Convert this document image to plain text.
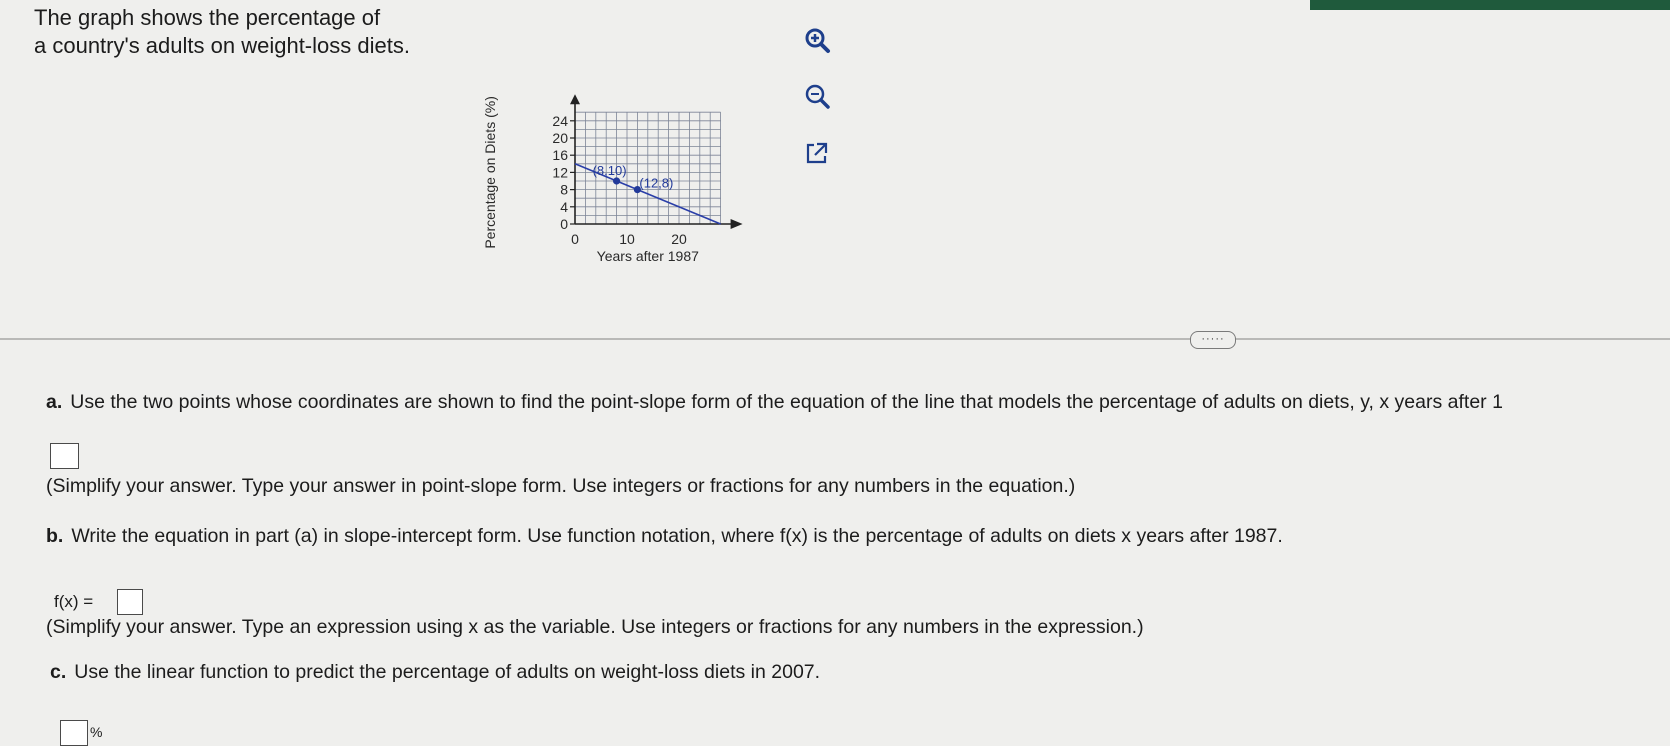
The graph shows the percentage of
a country's adults on weight-loss diets.
0
4
8
12
16
20
24
0	10	20
Years after 1987
Percentage on Diets (%)	(8,10)
(12,8)
·····
a. Use the two points whose coordinates are shown to find the point-slope form of the equation of the line that models the percentage of adults on diets, y, x years after 1
(Simplify your answer. Type your answer in point-slope form. Use integers or fractions for any numbers in the equation.)
b. Write the equation in part (a) in slope-intercept form. Use function notation, where f(x) is the percentage of adults on diets x years after 1987.
f(x) =
(Simplify your answer. Type an expression using x as the variable. Use integers or fractions for any numbers in the expression.)
c. Use the linear function to predict the percentage of adults on weight-loss diets in 2007.
%
